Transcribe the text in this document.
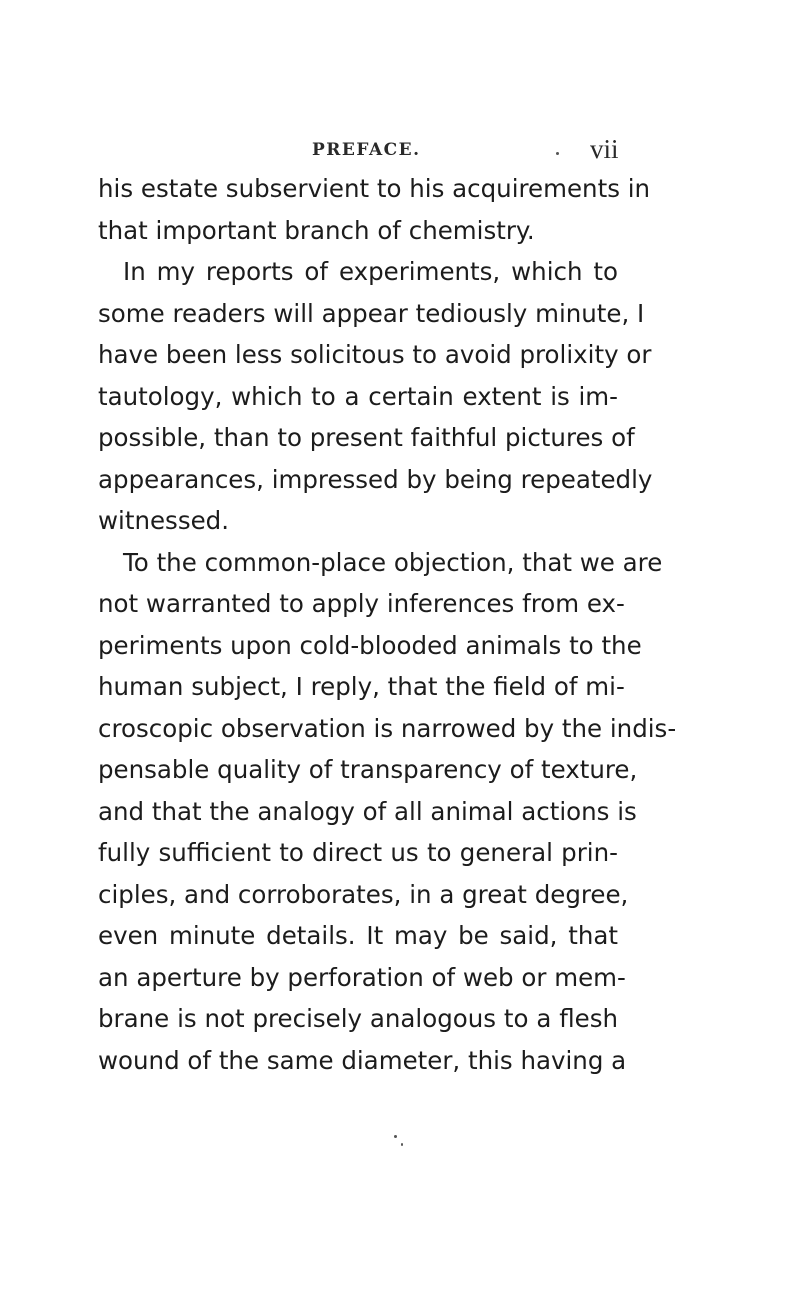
PREFACE.	vii
his estate subservient to his acquirements in
that important branch of chemistry.
In my reports of experiments, which to
some readers will appear tediously minute, I
have been less solicitous to avoid prolixity or
tautology, which to a certain extent is im-
possible, than to present faithful pictures of
appearances, impressed by being repeatedly
witnessed.
To the common-place objection, that we are
not warranted to apply inferences from ex-
periments upon cold-blooded animals to the
human subject, I reply, that the field of mi-
croscopic observation is narrowed by the indis-
pensable quality of transparency of texture,
and that the analogy of all animal actions is
fully sufficient to direct us to general prin-
ciples, and corroborates, in a great degree,
even minute details. It may be said, that
an aperture by perforation of web or mem-
brane is not precisely analogous to a flesh
wound of the same diameter, this having a
